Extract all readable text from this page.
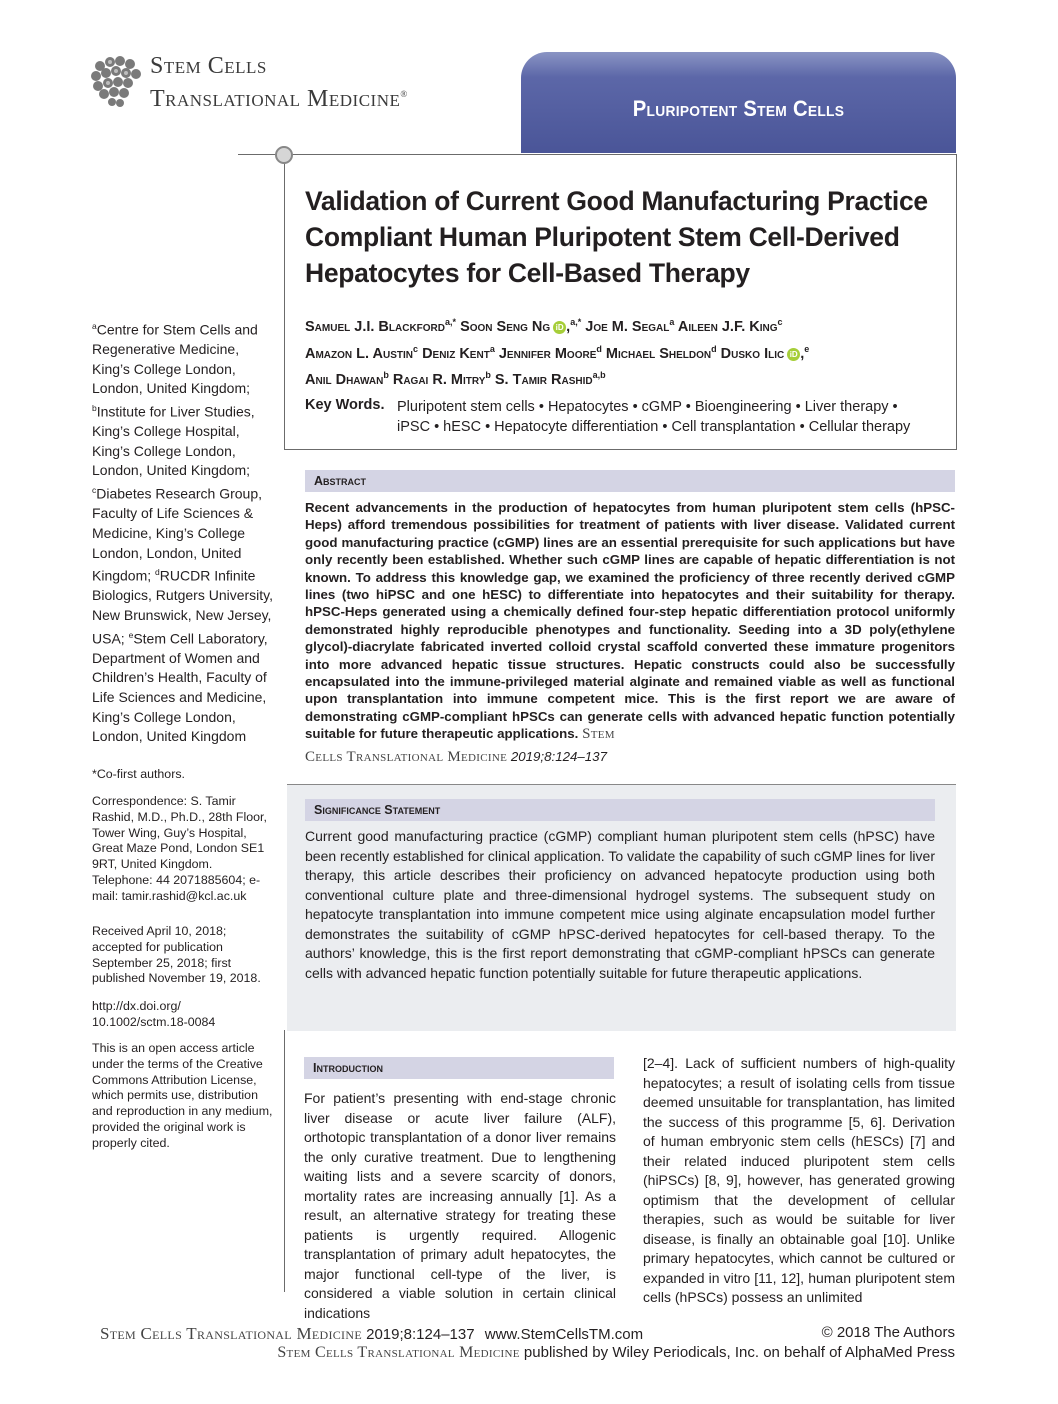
Stem Cells
Translational Medicine®
Pluripotent Stem Cells
Validation of Current Good Manufacturing Practice Compliant Human Pluripotent Stem Cell-Derived Hepatocytes for Cell-Based Therapy
Samuel J.I. Blackford$^{a,*}$ Soon Seng Ng iD ,$^{a,*}$ Joe M. Segal$^a$ Aileen J.F. King$^c$
Amazon L. Austin$^c$ Deniz Kent$^a$ Jennifer Moore$^d$ Michael Sheldon$^d$ Dusko Ilic iD ,$^e$
Anil Dhawan$^b$ Ragai R. Mitry$^b$ S. Tamir Rashid$^{a,b}$
Key Words. Pluripotent stem cells • Hepatocytes • cGMP • Bioengineering • Liver therapy •
iPSC • hESC • Hepatocyte differentiation • Cell transplantation • Cellular therapy
$^a$Centre for Stem Cells and Regenerative Medicine, King’s College London, London, United Kingdom; $^b$Institute for Liver Studies, King’s College Hospital, King’s College London, London, United Kingdom; $^c$Diabetes Research Group, Faculty of Life Sciences & Medicine, King’s College London, London, United Kingdom; $^d$RUCDR Infinite Biologics, Rutgers University, New Brunswick, New Jersey, USA; $^e$Stem Cell Laboratory, Department of Women and Children’s Health, Faculty of Life Sciences and Medicine, King’s College London, London, United Kingdom
*Co-first authors.
Correspondence: S. Tamir Rashid, M.D., Ph.D., 28th Floor, Tower Wing, Guy’s Hospital, Great Maze Pond, London SE1 9RT, United Kingdom. Telephone: 44 2071885604; e-mail: tamir.rashid@kcl.ac.uk
Received April 10, 2018; accepted for publication September 25, 2018; first published November 19, 2018.
http://dx.doi.org/ 10.1002/sctm.18-0084
This is an open access article under the terms of the Creative Commons Attribution License, which permits use, distribution and reproduction in any medium, provided the original work is properly cited.
Abstract
Recent advancements in the production of hepatocytes from human pluripotent stem cells (hPSC-Heps) afford tremendous possibilities for treatment of patients with liver disease. Validated current good manufacturing practice (cGMP) lines are an essential prerequisite for such applications but have only recently been established. Whether such cGMP lines are capable of hepatic differentiation is not known. To address this knowledge gap, we examined the proficiency of three recently derived cGMP lines (two hiPSC and one hESC) to differentiate into hepatocytes and their suitability for therapy. hPSC-Heps generated using a chemically defined four-step hepatic differentiation protocol uniformly demonstrated highly reproducible phenotypes and functionality. Seeding into a 3D poly(ethylene glycol)-diacrylate fabricated inverted colloid crystal scaffold converted these immature progenitors into more advanced hepatic tissue structures. Hepatic constructs could also be successfully encapsulated into the immune-privileged material alginate and remained viable as well as functional upon transplantation into immune competent mice. This is the first report we are aware of demonstrating cGMP-compliant hPSCs can generate cells with advanced hepatic function potentially suitable for future therapeutic applications. Stem
Cells Translational Medicine 2019;8:124–137
Significance Statement
Current good manufacturing practice (cGMP) compliant human pluripotent stem cells (hPSC) have been recently established for clinical application. To validate the capability of such cGMP lines for liver therapy, this article describes their proficiency on advanced hepatocyte production using both conventional culture plate and three-dimensional hydrogel systems. The subsequent study on hepatocyte transplantation into immune competent mice using alginate encapsulation model further demonstrates the suitability of cGMP hPSC-derived hepatocytes for cell-based therapy. To the authors’ knowledge, this is the first report demonstrating that cGMP-compliant hPSCs can generate cells with advanced hepatic function potentially suitable for future therapeutic applications.
Introduction
For patient’s presenting with end-stage chronic liver disease or acute liver failure (ALF), orthotopic transplantation of a donor liver remains the only curative treatment. Due to lengthening waiting lists and a severe scarcity of donors, mortality rates are increasing annually [1]. As a result, an alternative strategy for treating these patients is urgently required. Allogenic transplantation of primary adult hepatocytes, the major functional cell-type of the liver, is considered a viable solution in certain clinical indications
[2–4]. Lack of sufficient numbers of high-quality hepatocytes; a result of isolating cells from tissue deemed unsuitable for transplantation, has limited the success of this programme [5, 6]. Derivation of human embryonic stem cells (hESCs) [7] and their related induced pluripotent stem cells (hiPSCs) [8, 9], however, has generated growing optimism that the development of cellular therapies, such as would be suitable for liver disease, is finally an obtainable goal [10]. Unlike primary hepatocytes, which cannot be cultured or expanded in vitro [11, 12], human pluripotent stem cells (hPSCs) possess an unlimited
Stem Cells Translational Medicine 2019;8:124–137 www.StemCellsTM.com	© 2018 The Authors
Stem Cells Translational Medicine published by Wiley Periodicals, Inc. on behalf of AlphaMed Press
